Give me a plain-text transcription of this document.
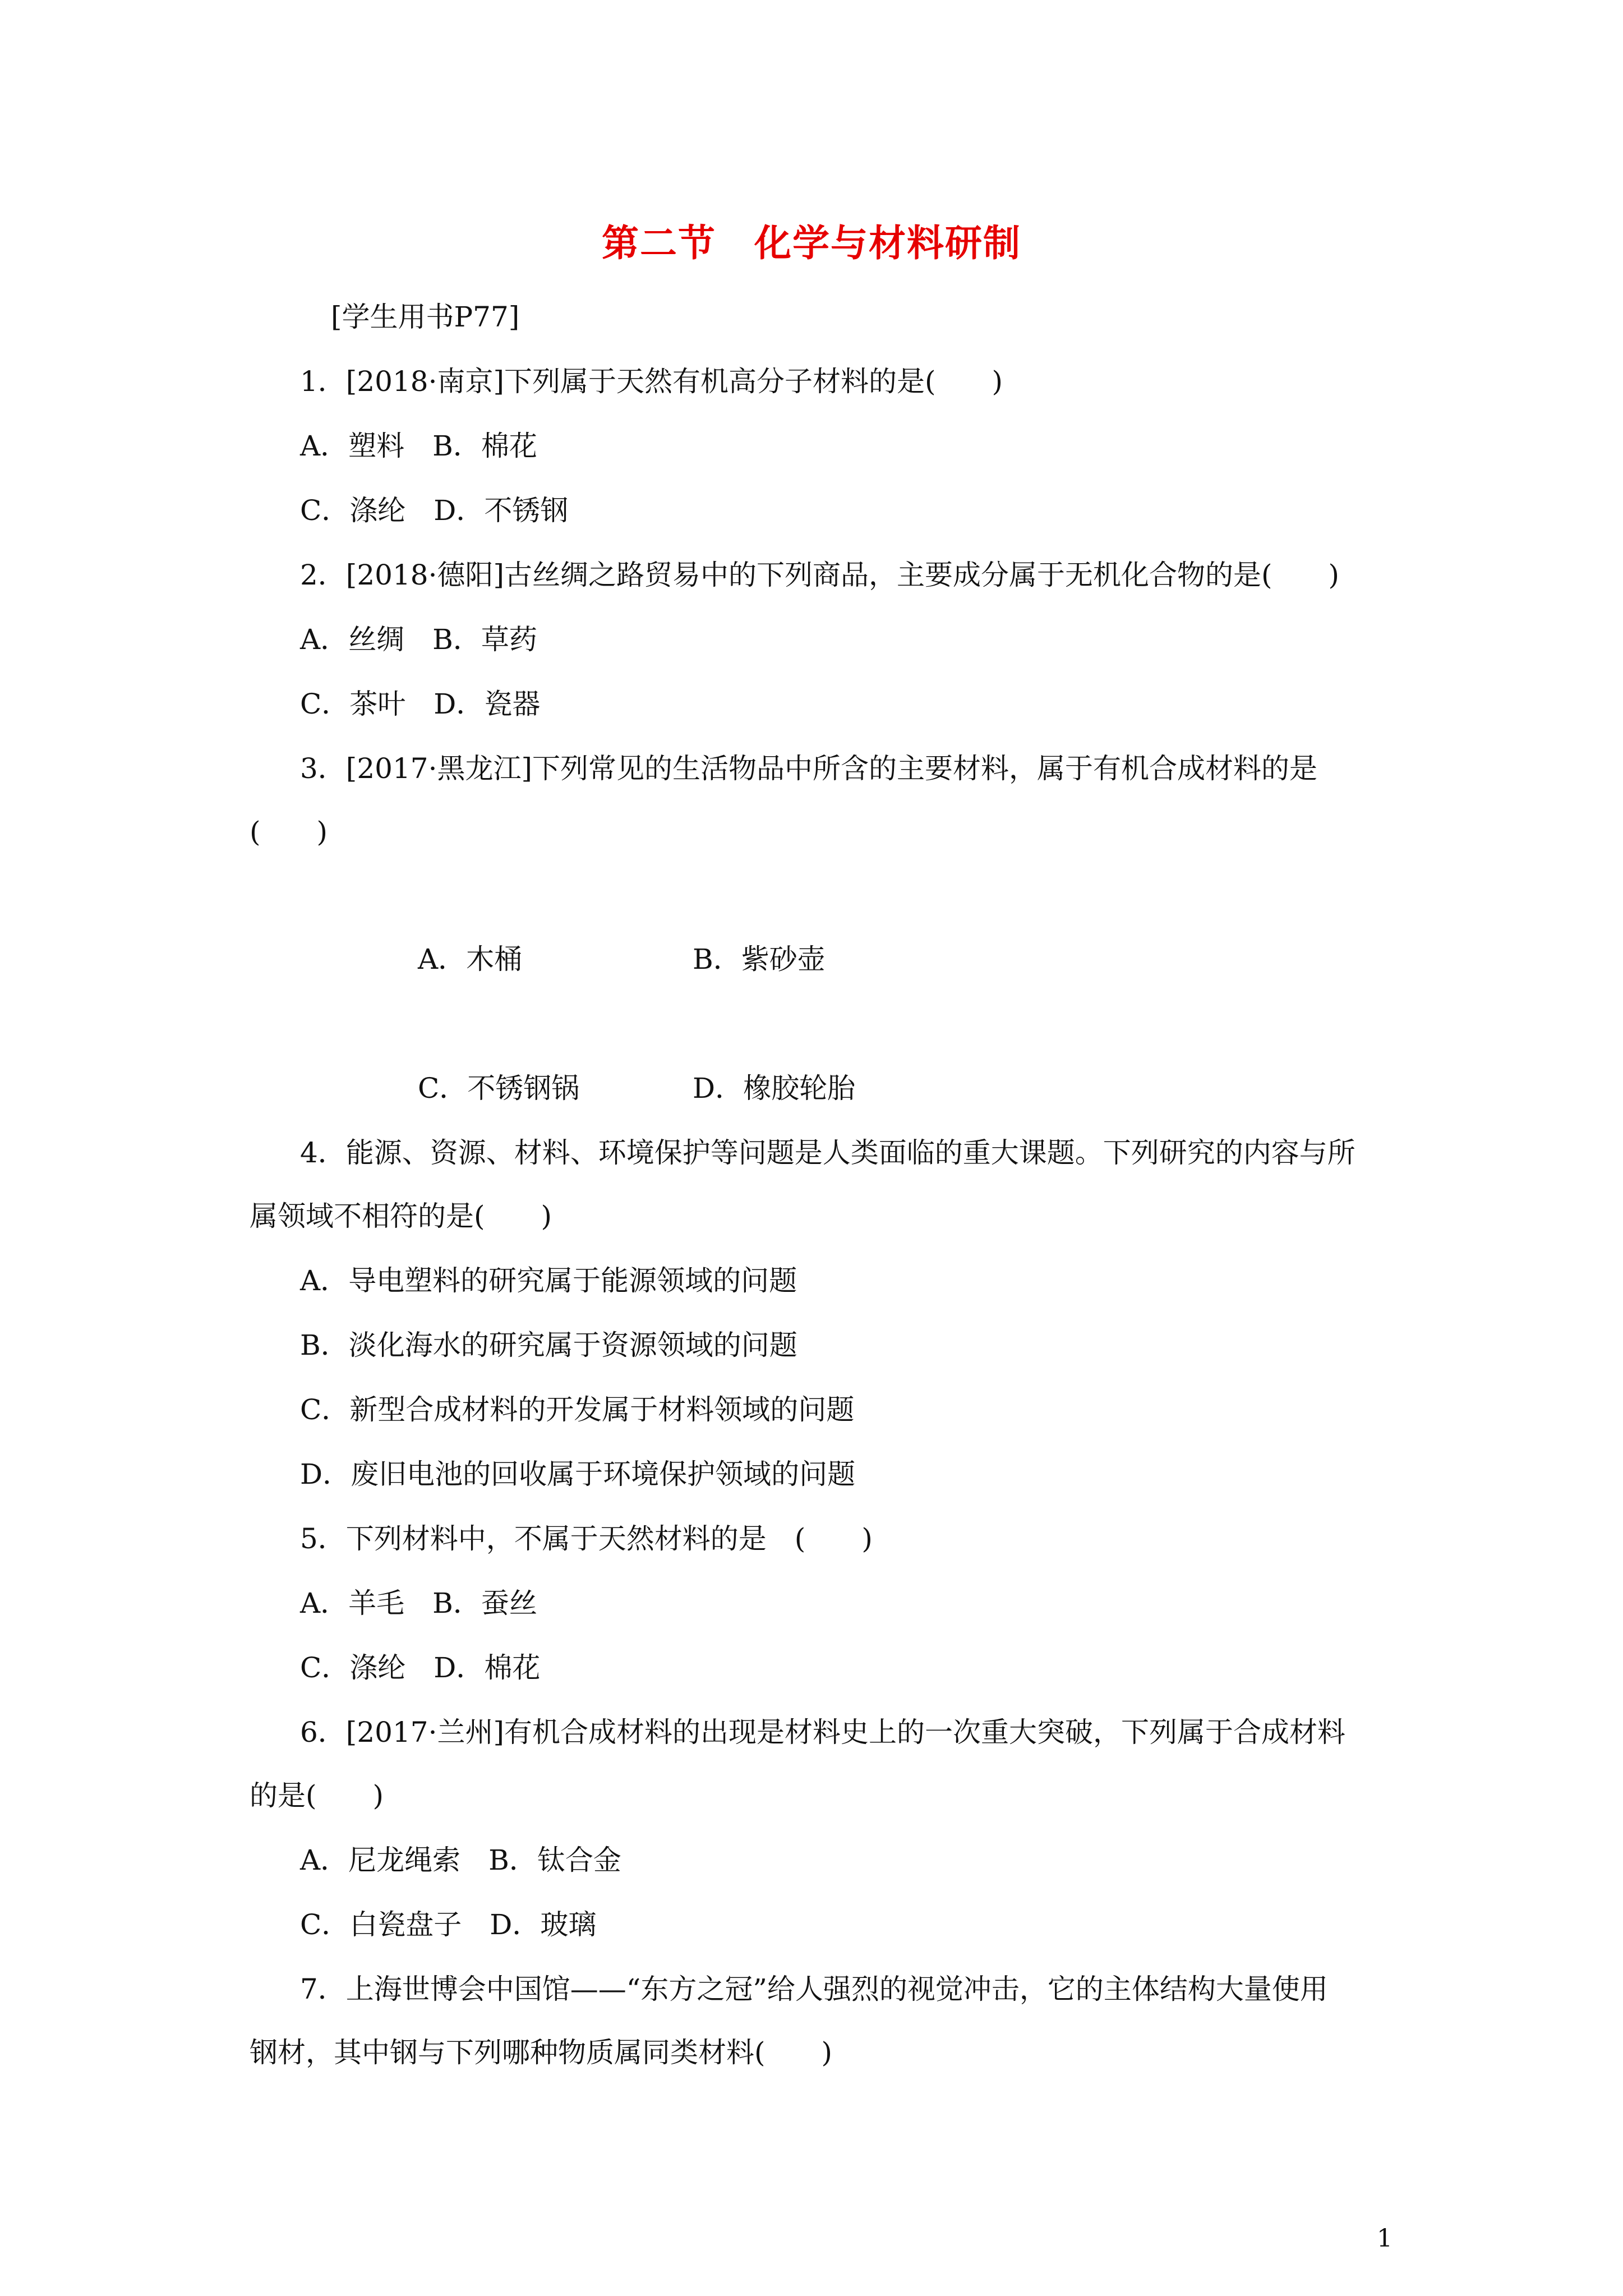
第二节　化学与材料研制
[学生用书P77]
1．[2018·南京]下列属于天然有机高分子材料的是(　　)
A．塑料　B．棉花
C．涤纶　D．不锈钢
2．[2018·德阳]古丝绸之路贸易中的下列商品，主要成分属于无机化合物的是(　　)
A．丝绸　B．草药
C．茶叶　D．瓷器
3．[2017·黑龙江]下列常见的生活物品中所含的主要材料，属于有机合成材料的是
(　　)
A．木桶	B．紫砂壶
C．不锈钢锅	D．橡胶轮胎
4．能源、资源、材料、环境保护等问题是人类面临的重大课题。下列研究的内容与所
属领域不相符的是(　　)
A．导电塑料的研究属于能源领域的问题
B．淡化海水的研究属于资源领域的问题
C．新型合成材料的开发属于材料领域的问题
D．废旧电池的回收属于环境保护领域的问题
5．下列材料中，不属于天然材料的是　(　　)
A．羊毛　B．蚕丝
C．涤纶　D．棉花
6．[2017·兰州]有机合成材料的出现是材料史上的一次重大突破，下列属于合成材料
的是(　　)
A．尼龙绳索　B．钛合金
C．白瓷盘子　D．玻璃
7．上海世博会中国馆——“东方之冠”给人强烈的视觉冲击，它的主体结构大量使用
钢材，其中钢与下列哪种物质属同类材料(　　)
1
